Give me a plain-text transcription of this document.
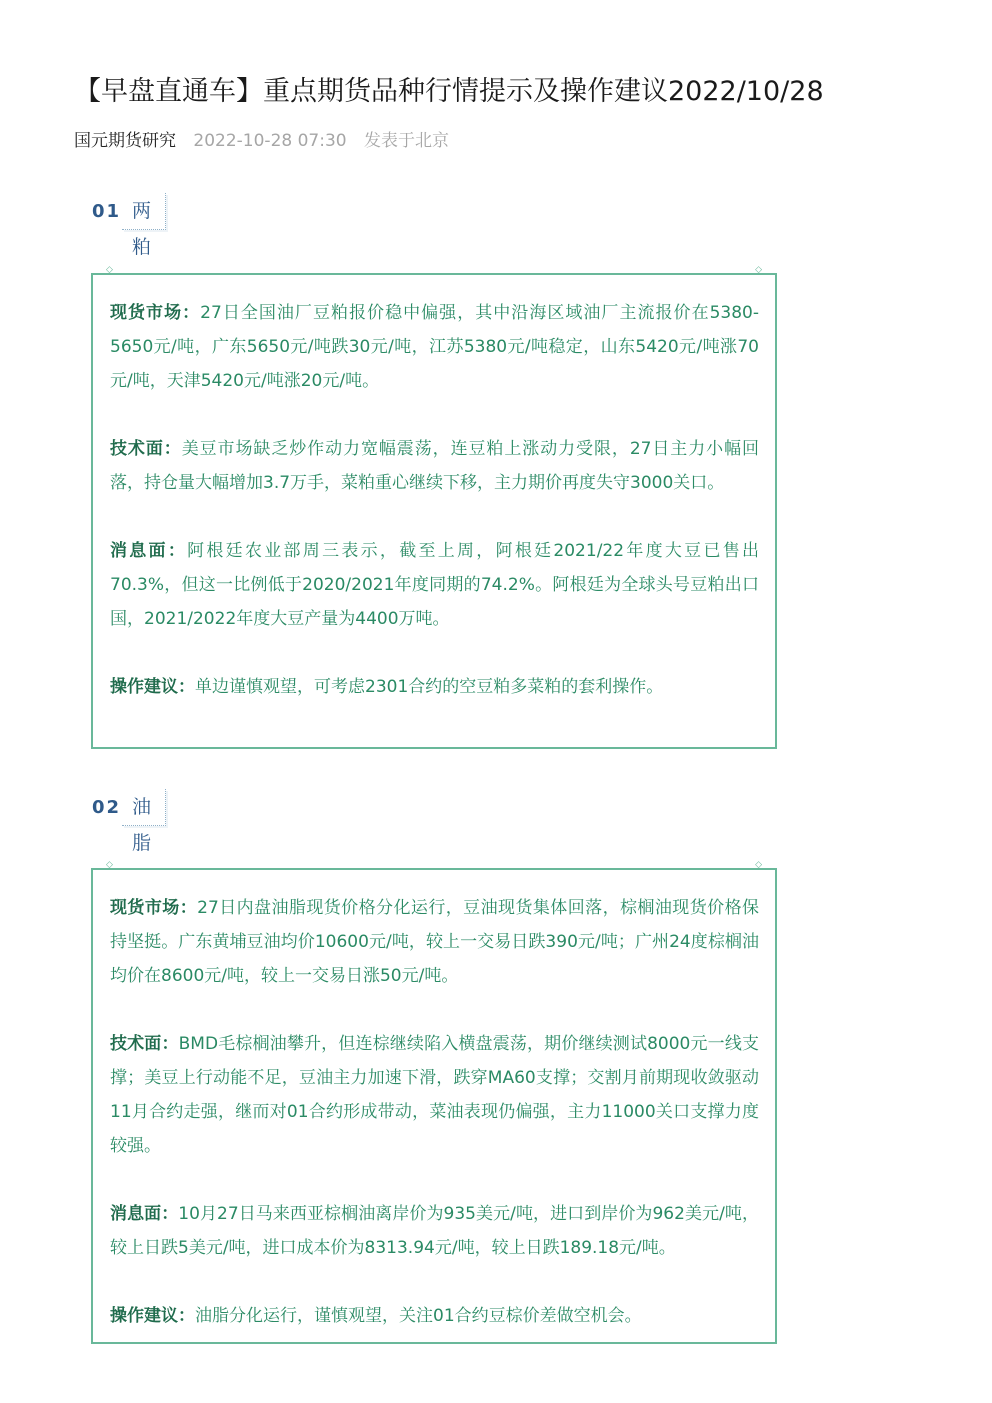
【早盘直通车】重点期货品种行情提示及操作建议2022/10/28
国元期货研究 2022-10-28 07:30 发表于北京
01 两粕
◇	◇

现货市场：27日全国油厂豆粕报价稳中偏强，其中沿海区域油厂主流报价在5380-5650元/吨，广东5650元/吨跌30元/吨，江苏5380元/吨稳定，山东5420元/吨涨70元/吨，天津5420元/吨涨20元/吨。

技术面：美豆市场缺乏炒作动力宽幅震荡，连豆粕上涨动力受限，27日主力小幅回落，持仓量大幅增加3.7万手，菜粕重心继续下移，主力期价再度失守3000关口。

消息面：阿根廷农业部周三表示，截至上周，阿根廷2021/22年度大豆已售出70.3%，但这一比例低于2020/2021年度同期的74.2%。阿根廷为全球头号豆粕出口国，2021/2022年度大豆产量为4400万吨。

操作建议：单边谨慎观望，可考虑2301合约的空豆粕多菜粕的套利操作。

02 油脂
◇	◇

现货市场：27日内盘油脂现货价格分化运行，豆油现货集体回落，棕榈油现货价格保持坚挺。广东黄埔豆油均价10600元/吨，较上一交易日跌390元/吨；广州24度棕榈油均价在8600元/吨，较上一交易日涨50元/吨。

技术面：BMD毛棕榈油攀升，但连棕继续陷入横盘震荡，期价继续测试8000元一线支撑；美豆上行动能不足，豆油主力加速下滑，跌穿MA60支撑；交割月前期现收敛驱动11月合约走强，继而对01合约形成带动，菜油表现仍偏强，主力11000关口支撑力度较强。

消息面：10月27日马来西亚棕榈油离岸价为935美元/吨，进口到岸价为962美元/吨，较上日跌5美元/吨，进口成本价为8313.94元/吨，较上日跌189.18元/吨。

操作建议：油脂分化运行，谨慎观望，关注01合约豆棕价差做空机会。
